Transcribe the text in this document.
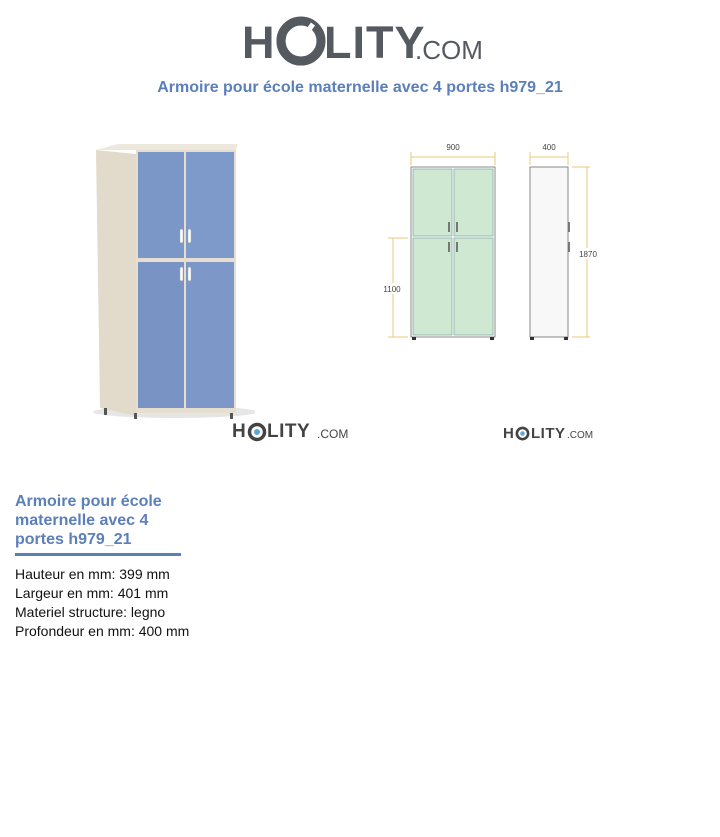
H LITY
.COM
Armoire pour école maternelle avec 4 portes h979_21
900
1100
400
1870
H LITY .COM	H LITY .COM
Armoire pour école maternelle avec 4 portes h979_21
Hauteur en mm: 399 mm
Largeur en mm: 401 mm
Materiel structure: legno
Profondeur en mm: 400 mm
